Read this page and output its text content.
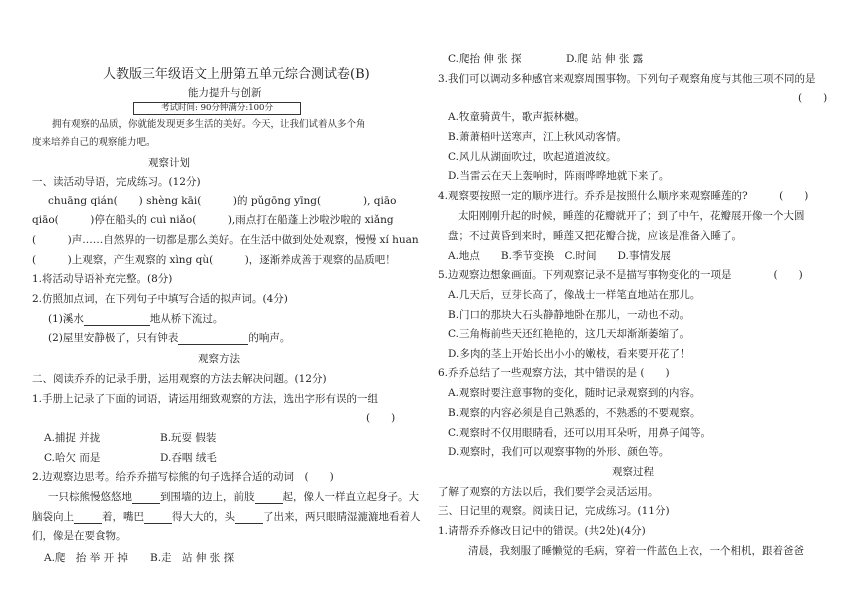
人教版三年级语文上册第五单元综合测试卷(B)
能力提升与创新
考试时间: 90分钟满分:100分
拥有观察的品质，你就能发现更多生活的美好。今天，让我们试着从多个角
度来培养自己的观察能力吧。
观察计划
一、读活动导语，完成练习。(12分)
chuāng qián(　　) shèng kāi(　　　)的 pǔgōng yīng(　　　　), qiāo
qiāo(　　　)停在船头的 cuì niǎo(　　　),雨点打在船蓬上沙啦沙啦的 xiǎng
(　　　)声……自然界的一切都是那么美好。在生活中做到处处观察，慢慢 xí huan
(　　　)上观察，产生观察的 xìng qù(　　　)，逐渐养成善于观察的品质吧！
1.将活动导语补充完整。(8分)
2.仿照加点词，在下列句子中填写合适的拟声词。(4分)
(1)溪水	地从桥下流过。
(2)屋里安静极了，只有钟表	的响声。
观察方法
二、阅读乔乔的记录手册，运用观察的方法去解决问题。(12分)
1.手册上记录了下面的词语，请运用细致观察的方法，选出字形有误的一组
(　　)
A.捕捉 并拢	B.玩耍 假装
C.哈欠 而是	D.吞咽 绒毛
2.边观察边思考。给乔乔描写棕熊的句子选择合适的动词　(　　)
一只棕熊慢悠悠地	到围墙的边上，前肢	起，像人一样直立起身子。大
脑袋向上	着，嘴巴	得大大的，头	了出来，两只眼睛湿漉漉地看着人
们，像是在要食物。
A.爬　抬 举 开 掉 B.走　站 伸 张 探
C.爬抬 伸 张 探	D.爬 站 伸 张 露
3.我们可以调动多种感官来观察周围事物。下列句子观察角度与其他三项不同的是
(　　)
A.牧童骑黄牛，歌声振林樾。
B.萧萧梧叶送寒声，江上秋风动客情。
C.风儿从湖面吹过，吹起道道波纹。
D.当雷云在天上轰响时，阵雨哗哗地就下来了。
4.观察要按照一定的顺序进行。乔乔是按照什么顺序来观察睡莲的?　　　(　　)
太阳刚刚升起的时候，睡莲的花瓣就开了；到了中午，花瓣展开像一个大圆
盘；不过黄昏到来时，睡莲又把花瓣合拢，应该是准备入睡了。
A.地点　　B.季节变换　C.时间　　D.事情发展
5.边观察边想象画面。下列观察记录不是描写事物变化的一项是　　　　(　　)
A.几天后，豆芽长高了，像战士一样笔直地站在那儿。
B.门口的那块大石头静静地卧在那儿，一动也不动。
C.三角梅前些天还红艳艳的，这几天却渐渐萎缩了。
D.多肉的茎上开始长出小小的嫩枝，看来要开花了！
6.乔乔总结了一些观察方法，其中错误的是 (　　)
A.观察时要注意事物的变化，随时记录观察到的内容。
B.观察的内容必须是自己熟悉的，不熟悉的不要观察。
C.观察时不仅用眼睛看，还可以用耳朵听，用鼻子闻等。
D.观察时，我们可以观察事物的外形、颜色等。
观察过程
了解了观察的方法以后，我们要学会灵活运用。
三、日记里的观察。阅读日记，完成练习。(11分)
1.请帮乔乔修改日记中的错误。(共2处)(4分)
清晨，我刻服了睡懒觉的毛病，穿着一件蓝色上衣，一个相机，跟着爸爸
